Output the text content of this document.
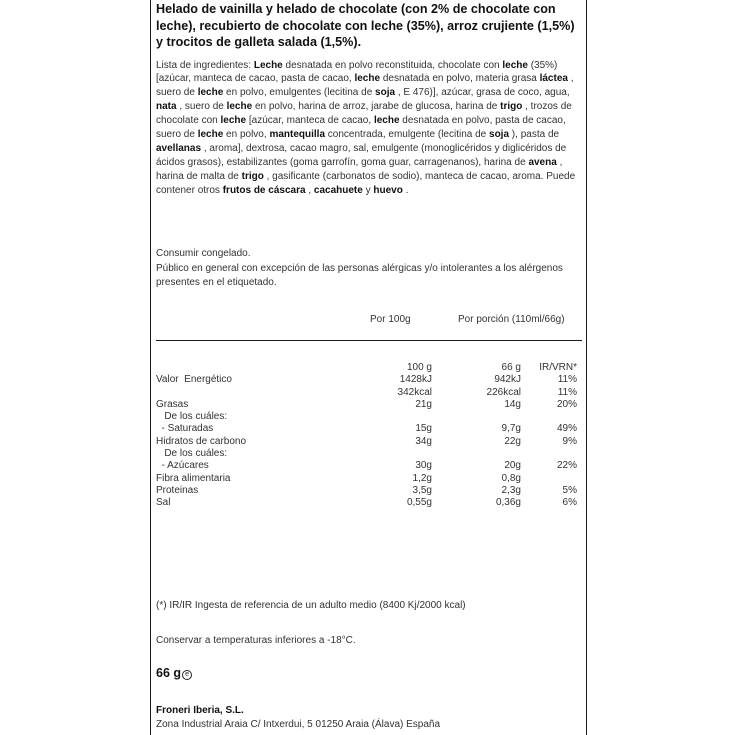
Helado de vainilla y helado de chocolate (con 2% de chocolate con leche), recubierto de chocolate con leche (35%), arroz crujiente (1,5%) y trocitos de galleta salada (1,5%).
Lista de ingredientes: Leche desnatada en polvo reconstituida, chocolate con leche (35%) [azúcar, manteca de cacao, pasta de cacao, leche desnatada en polvo, materia grasa láctea , suero de leche en polvo, emulgentes (lecitina de soja , E 476)], azúcar, grasa de coco, agua, nata , suero de leche en polvo, harina de arroz, jarabe de glucosa, harina de trigo , trozos de chocolate con leche [azúcar, manteca de cacao, leche desnatada en polvo, pasta de cacao, suero de leche en polvo, mantequilla concentrada, emulgente (lecitina de soja ), pasta de avellanas , aroma], dextrosa, cacao magro, sal, emulgente (monoglicéridos y diglicéridos de ácidos grasos), estabilizantes (goma garrofín, goma guar, carragenanos), harina de avena , harina de malta de trigo , gasificante (carbonatos de sodio), manteca de cacao, aroma. Puede contener otros frutos de cáscara , cacahuete y huevo .
Consumir congelado.
Público en general con excepción de las personas alérgicas y/o intolerantes a los alérgenos presentes en el etiquetado.
Por 100g	Por porción (110ml/66g)
100 g	66 g IR/VRN*
Valor  Energético	1428kJ	942kJ	11%
342kcal	226kcal	11%
Grasas	21g	14g	20%
De los cuáles:
- Saturadas	15g	9,7g	49%
Hidratos de carbono	34g	22g	9%
De los cuáles:
- Azúcares	30g	20g	22%
Fibra alimentaria	1,2g	0,8g
Proteinas	3,5g	2,3g	5%
Sal	0,55g	0,36g	6%
(*) IR/IR Ingesta de referencia de un adulto medio (8400 Kj/2000 kcal)
Conservar a temperaturas inferiores a -18°C.
66 g e
Froneri Iberia, S.L.
Zona Industrial Araia C/ Intxerdui, 5 01250 Araia (Álava) España
